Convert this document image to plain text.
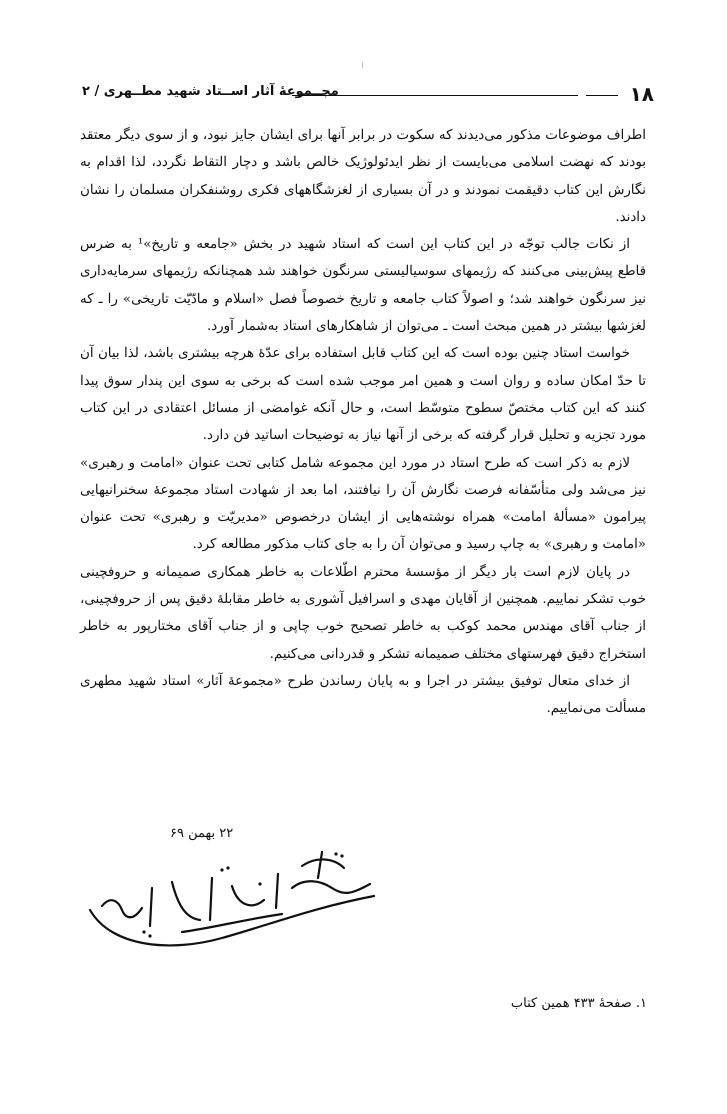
۱۸
مجــموعهٔ آثار اســتاد شهید مطــهری / ۲

اطراف موضوعات مذکور می‌دیدند که سکوت در برابر آنها برای ایشان جایز نبود، و از سوی دیگر معتقد بودند که نهضت اسلامی می‌بایست از نظر ایدئولوژیک خالص باشد و دچار التقاط نگردد، لذا اقدام به نگارش این کتاب دقیقمت نمودند و در آن بسیاری از لغزشگاههای فکری روشنفکران مسلمان را نشان دادند.

از نکات جالب توجّه در این کتاب این است که استاد شهید در بخش «جامعه و تاریخ»¹ به ضرس قاطع پیش‌بینی می‌کنند که رژیمهای سوسیالیستی سرنگون خواهند شد همچنانکه رژیمهای سرمایه‌داری نیز سرنگون خواهند شد؛ و اصولاً کتاب جامعه و تاریخ خصوصاً فصل «اسلام و مادّیّت تاریخی» را ـ که لغزشها بیشتر در همین مبحث است ـ می‌توان از شاهکارهای استاد به‌شمار آورد.

خواست استاد چنین بوده است که این کتاب قابل استفاده برای عدّهٔ هرچه بیشتری باشد، لذا بیان آن تا حدّ امکان ساده و روان است و همین امر موجب شده است که برخی به سوی این پندار سوق پیدا کنند که این کتاب مختصّ سطوح متوسّط است، و حال آنکه غوامضی از مسائل اعتقادی در این کتاب مورد تجزیه و تحلیل قرار گرفته که برخی از آنها نیاز به توضیحات اساتید فن دارد.

لازم به ذکر است که طرح استاد در مورد این مجموعه شامل کتابی تحت عنوان «امامت و رهبری» نیز می‌شد ولی متأسّفانه فرصت نگارش آن را نیافتند، اما بعد از شهادت استاد مجموعهٔ سخنرانیهایی پیرامون «مسألهٔ امامت» همراه نوشته‌هایی از ایشان درخصوص «مدیریّت و رهبری» تحت عنوان «امامت و رهبری» به چاپ رسید و می‌توان آن را به جای کتاب مذکور مطالعه کرد.

در پایان لازم است بار دیگر از مؤسسهٔ محترم اطّلاعات به خاطر همکاری صمیمانه و حروفچینی خوب تشکر نماییم. همچنین از آقایان مهدی و اسرافیل آشوری به خاطر مقابلهٔ دقیق پس از حروفچینی، از جناب آقای مهندس محمد کوکب به خاطر تصحیح خوب چاپی و از جناب آقای مختارپور به خاطر استخراج دقیق فهرستهای مختلف صمیمانه تشکر و قدردانی می‌کنیم.

از خدای متعال توفیق بیشتر در اجرا و به پایان رساندن طرح «مجموعهٔ آثار» استاد شهید مطهری مسألت می‌نماییم.

۲۲ بهمن ۶۹
۱. صفحهٔ ۴۳۳ همین کتاب
